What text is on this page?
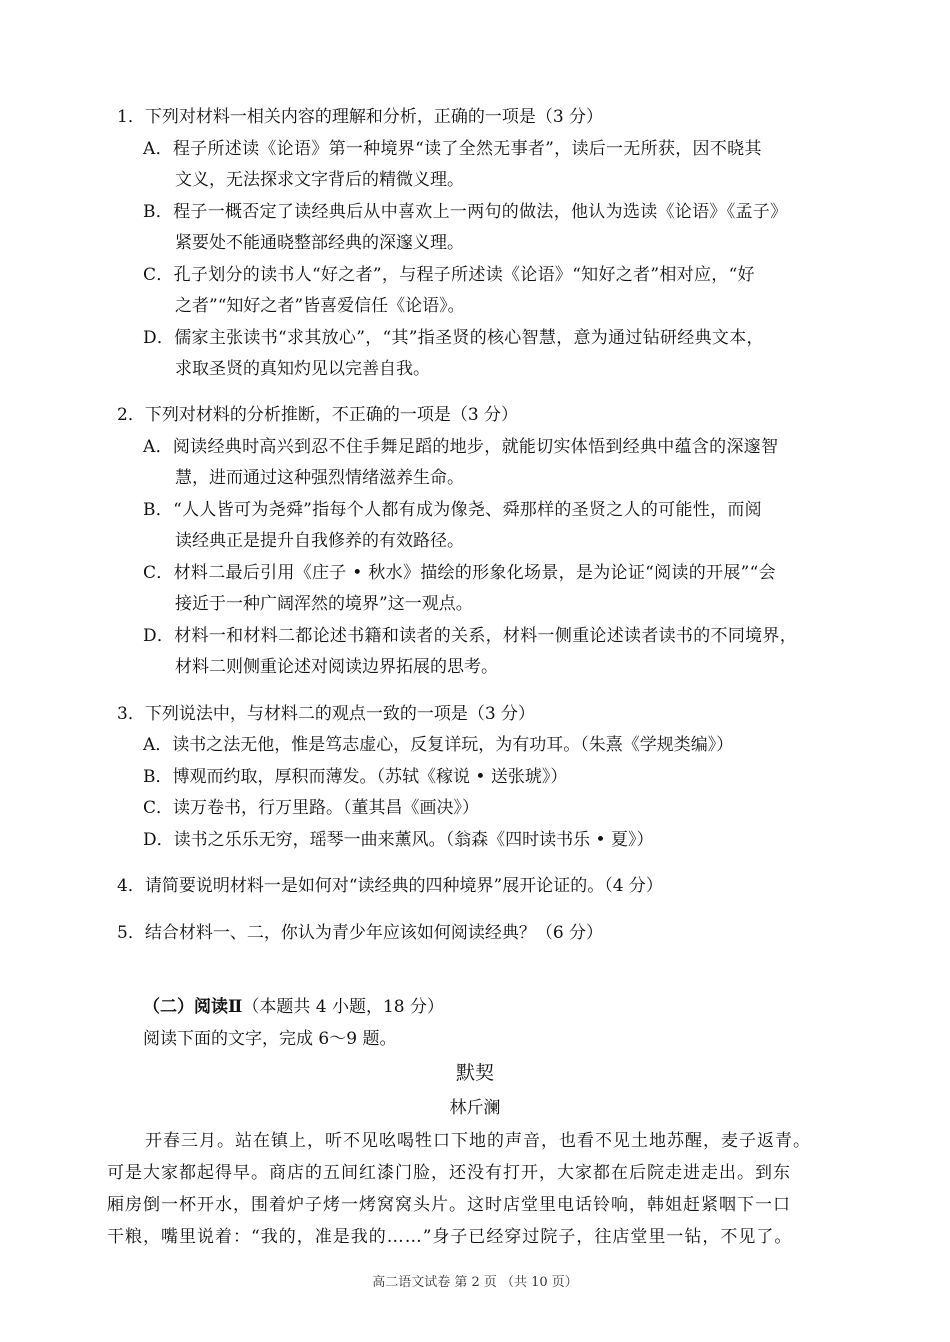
1．下列对材料一相关内容的理解和分析，正确的一项是（3 分）
A．程子所述读《论语》第一种境界“读了全然无事者”，读后一无所获，因不晓其
文义，无法探求文字背后的精微义理。
B．程子一概否定了读经典后从中喜欢上一两句的做法，他认为选读《论语》《孟子》
紧要处不能通晓整部经典的深邃义理。
C．孔子划分的读书人“好之者”，与程子所述读《论语》“知好之者”相对应，“好
之者”“知好之者”皆喜爱信任《论语》。
D．儒家主张读书“求其放心”，“其”指圣贤的核心智慧，意为通过钻研经典文本，
求取圣贤的真知灼见以完善自我。
2．下列对材料的分析推断，不正确的一项是（3 分）
A．阅读经典时高兴到忍不住手舞足蹈的地步，就能切实体悟到经典中蕴含的深邃智
慧，进而通过这种强烈情绪滋养生命。
B．“人人皆可为尧舜”指每个人都有成为像尧、舜那样的圣贤之人的可能性，而阅
读经典正是提升自我修养的有效路径。
C．材料二最后引用《庄子 • 秋水》描绘的形象化场景，是为论证“阅读的开展”“会
接近于一种广阔浑然的境界”这一观点。
D．材料一和材料二都论述书籍和读者的关系，材料一侧重论述读者读书的不同境界，
材料二则侧重论述对阅读边界拓展的思考。
3．下列说法中，与材料二的观点一致的一项是（3 分）
A．读书之法无他，惟是笃志虚心，反复详玩，为有功耳。（朱熹《学规类编》）
B．博观而约取，厚积而薄发。（苏轼《稼说 • 送张琥》）
C．读万卷书，行万里路。（董其昌《画决》）
D．读书之乐乐无穷，瑶琴一曲来薰风。（翁森《四时读书乐 • 夏》）
4．请简要说明材料一是如何对“读经典的四种境界”展开论证的。（4 分）
5．结合材料一、二，你认为青少年应该如何阅读经典？（6 分）
（二）阅读Ⅱ（本题共 4 小题，18 分）
阅读下面的文字，完成 6～9 题。
默契
林斤澜
开春三月。站在镇上，听不见吆喝牲口下地的声音，也看不见土地苏醒，麦子返青。
可是大家都起得早。商店的五间红漆门脸，还没有打开，大家都在后院走进走出。到东
厢房倒一杯开水，围着炉子烤一烤窝窝头片。这时店堂里电话铃响，韩姐赶紧咽下一口
干粮，嘴里说着：“我的，准是我的……”身子已经穿过院子，往店堂里一钻，不见了。
高二语文试卷 第 2 页 （共 10 页）
